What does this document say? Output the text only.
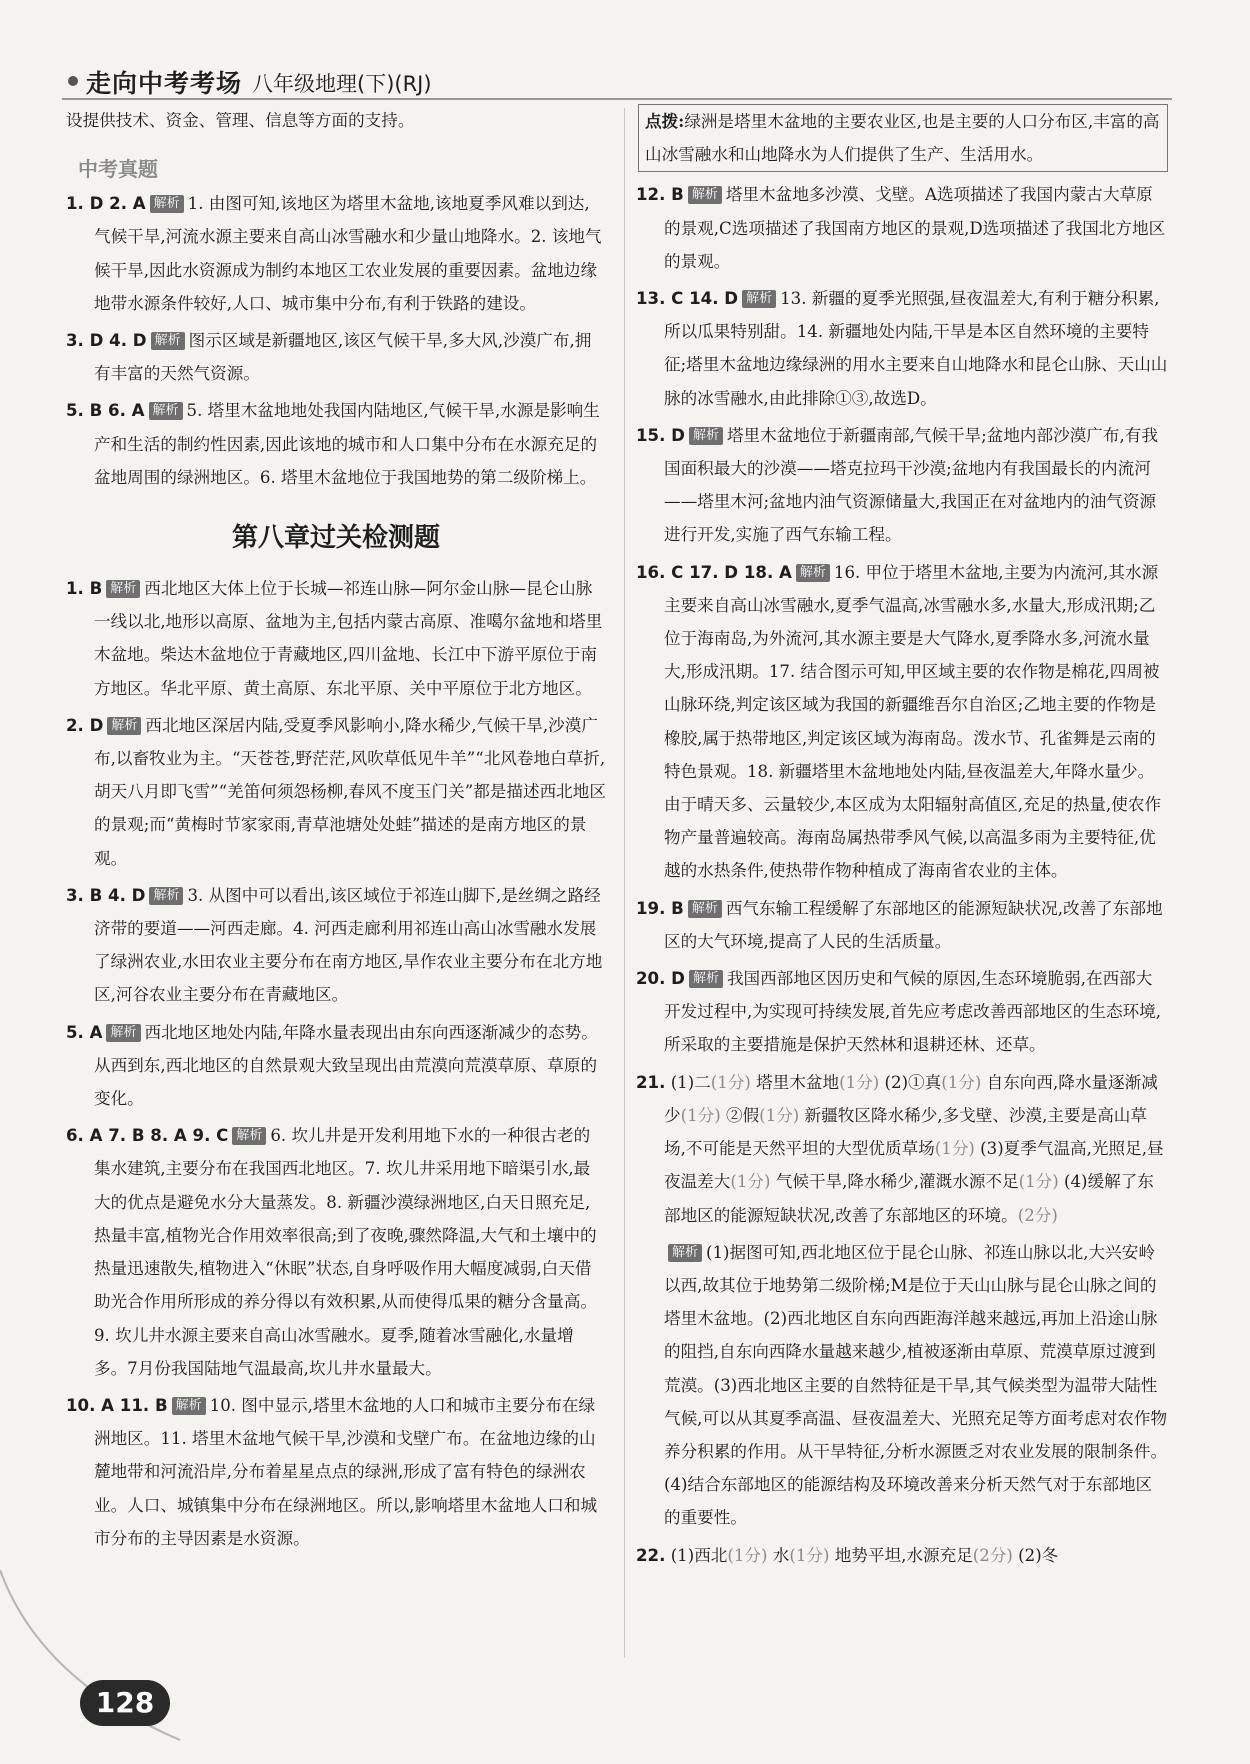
走向中考考场 八年级地理(下)(RJ)

设提供技术、资金、管理、信息等方面的支持。

中考真题

1. D 2. A 解析 1. 由图可知,该地区为塔里木盆地,该地夏季风难以到达,气候干旱,河流水源主要来自高山冰雪融水和少量山地降水。2. 该地气候干旱,因此水资源成为制约本地区工农业发展的重要因素。盆地边缘地带水源条件较好,人口、城市集中分布,有利于铁路的建设。

3. D 4. D 解析 图示区域是新疆地区,该区气候干旱,多大风,沙漠广布,拥有丰富的天然气资源。

5. B 6. A 解析 5. 塔里木盆地地处我国内陆地区,气候干旱,水源是影响生产和生活的制约性因素,因此该地的城市和人口集中分布在水源充足的盆地周围的绿洲地区。6. 塔里木盆地位于我国地势的第二级阶梯上。

第八章过关检测题

1. B 解析 西北地区大体上位于长城—祁连山脉—阿尔金山脉—昆仑山脉一线以北,地形以高原、盆地为主,包括内蒙古高原、准噶尔盆地和塔里木盆地。柴达木盆地位于青藏地区,四川盆地、长江中下游平原位于南方地区。华北平原、黄土高原、东北平原、关中平原位于北方地区。

2. D 解析 西北地区深居内陆,受夏季风影响小,降水稀少,气候干旱,沙漠广布,以畜牧业为主。“天苍苍,野茫茫,风吹草低见牛羊”“北风卷地白草折,胡天八月即飞雪”“羌笛何须怨杨柳,春风不度玉门关”都是描述西北地区的景观;而“黄梅时节家家雨,青草池塘处处蛙”描述的是南方地区的景观。

3. B 4. D 解析 3. 从图中可以看出,该区域位于祁连山脚下,是丝绸之路经济带的要道——河西走廊。4. 河西走廊利用祁连山高山冰雪融水发展了绿洲农业,水田农业主要分布在南方地区,旱作农业主要分布在北方地区,河谷农业主要分布在青藏地区。

5. A 解析 西北地区地处内陆,年降水量表现出由东向西逐渐减少的态势。从西到东,西北地区的自然景观大致呈现出由荒漠向荒漠草原、草原的变化。

6. A 7. B 8. A 9. C 解析 6. 坎儿井是开发利用地下水的一种很古老的集水建筑,主要分布在我国西北地区。7. 坎儿井采用地下暗渠引水,最大的优点是避免水分大量蒸发。8. 新疆沙漠绿洲地区,白天日照充足,热量丰富,植物光合作用效率很高;到了夜晚,骤然降温,大气和土壤中的热量迅速散失,植物进入“休眠”状态,自身呼吸作用大幅度减弱,白天借助光合作用所形成的养分得以有效积累,从而使得瓜果的糖分含量高。9. 坎儿井水源主要来自高山冰雪融水。夏季,随着冰雪融化,水量增多。7月份我国陆地气温最高,坎儿井水量最大。

10. A 11. B 解析 10. 图中显示,塔里木盆地的人口和城市主要分布在绿洲地区。11. 塔里木盆地气候干旱,沙漠和戈壁广布。在盆地边缘的山麓地带和河流沿岸,分布着星星点点的绿洲,形成了富有特色的绿洲农业。人口、城镇集中分布在绿洲地区。所以,影响塔里木盆地人口和城市分布的主导因素是水资源。

点拨:绿洲是塔里木盆地的主要农业区,也是主要的人口分布区,丰富的高山冰雪融水和山地降水为人们提供了生产、生活用水。

12. B 解析 塔里木盆地多沙漠、戈壁。A选项描述了我国内蒙古大草原的景观,C选项描述了我国南方地区的景观,D选项描述了我国北方地区的景观。

13. C 14. D 解析 13. 新疆的夏季光照强,昼夜温差大,有利于糖分积累,所以瓜果特别甜。14. 新疆地处内陆,干旱是本区自然环境的主要特征;塔里木盆地边缘绿洲的用水主要来自山地降水和昆仑山脉、天山山脉的冰雪融水,由此排除①③,故选D。

15. D 解析 塔里木盆地位于新疆南部,气候干旱;盆地内部沙漠广布,有我国面积最大的沙漠——塔克拉玛干沙漠;盆地内有我国最长的内流河——塔里木河;盆地内油气资源储量大,我国正在对盆地内的油气资源进行开发,实施了西气东输工程。

16. C 17. D 18. A 解析 16. 甲位于塔里木盆地,主要为内流河,其水源主要来自高山冰雪融水,夏季气温高,冰雪融水多,水量大,形成汛期;乙位于海南岛,为外流河,其水源主要是大气降水,夏季降水多,河流水量大,形成汛期。17. 结合图示可知,甲区域主要的农作物是棉花,四周被山脉环绕,判定该区域为我国的新疆维吾尔自治区;乙地主要的作物是橡胶,属于热带地区,判定该区域为海南岛。泼水节、孔雀舞是云南的特色景观。18. 新疆塔里木盆地地处内陆,昼夜温差大,年降水量少。由于晴天多、云量较少,本区成为太阳辐射高值区,充足的热量,使农作物产量普遍较高。海南岛属热带季风气候,以高温多雨为主要特征,优越的水热条件,使热带作物种植成了海南省农业的主体。

19. B 解析 西气东输工程缓解了东部地区的能源短缺状况,改善了东部地区的大气环境,提高了人民的生活质量。

20. D 解析 我国西部地区因历史和气候的原因,生态环境脆弱,在西部大开发过程中,为实现可持续发展,首先应考虑改善西部地区的生态环境,所采取的主要措施是保护天然林和退耕还林、还草。

21. (1)二(1分) 塔里木盆地(1分) (2)①真(1分) 自东向西,降水量逐渐减少(1分) ②假(1分) 新疆牧区降水稀少,多戈壁、沙漠,主要是高山草场,不可能是天然平坦的大型优质草场(1分) (3)夏季气温高,光照足,昼夜温差大(1分) 气候干旱,降水稀少,灌溉水源不足(1分) (4)缓解了东部地区的能源短缺状况,改善了东部地区的环境。(2分)

解析 (1)据图可知,西北地区位于昆仑山脉、祁连山脉以北,大兴安岭以西,故其位于地势第二级阶梯;M是位于天山山脉与昆仑山脉之间的塔里木盆地。(2)西北地区自东向西距海洋越来越远,再加上沿途山脉的阻挡,自东向西降水量越来越少,植被逐渐由草原、荒漠草原过渡到荒漠。(3)西北地区主要的自然特征是干旱,其气候类型为温带大陆性气候,可以从其夏季高温、昼夜温差大、光照充足等方面考虑对农作物养分积累的作用。从干旱特征,分析水源匮乏对农业发展的限制条件。(4)结合东部地区的能源结构及环境改善来分析天然气对于东部地区的重要性。

22. (1)西北(1分) 水(1分) 地势平坦,水源充足(2分) (2)冬

128
